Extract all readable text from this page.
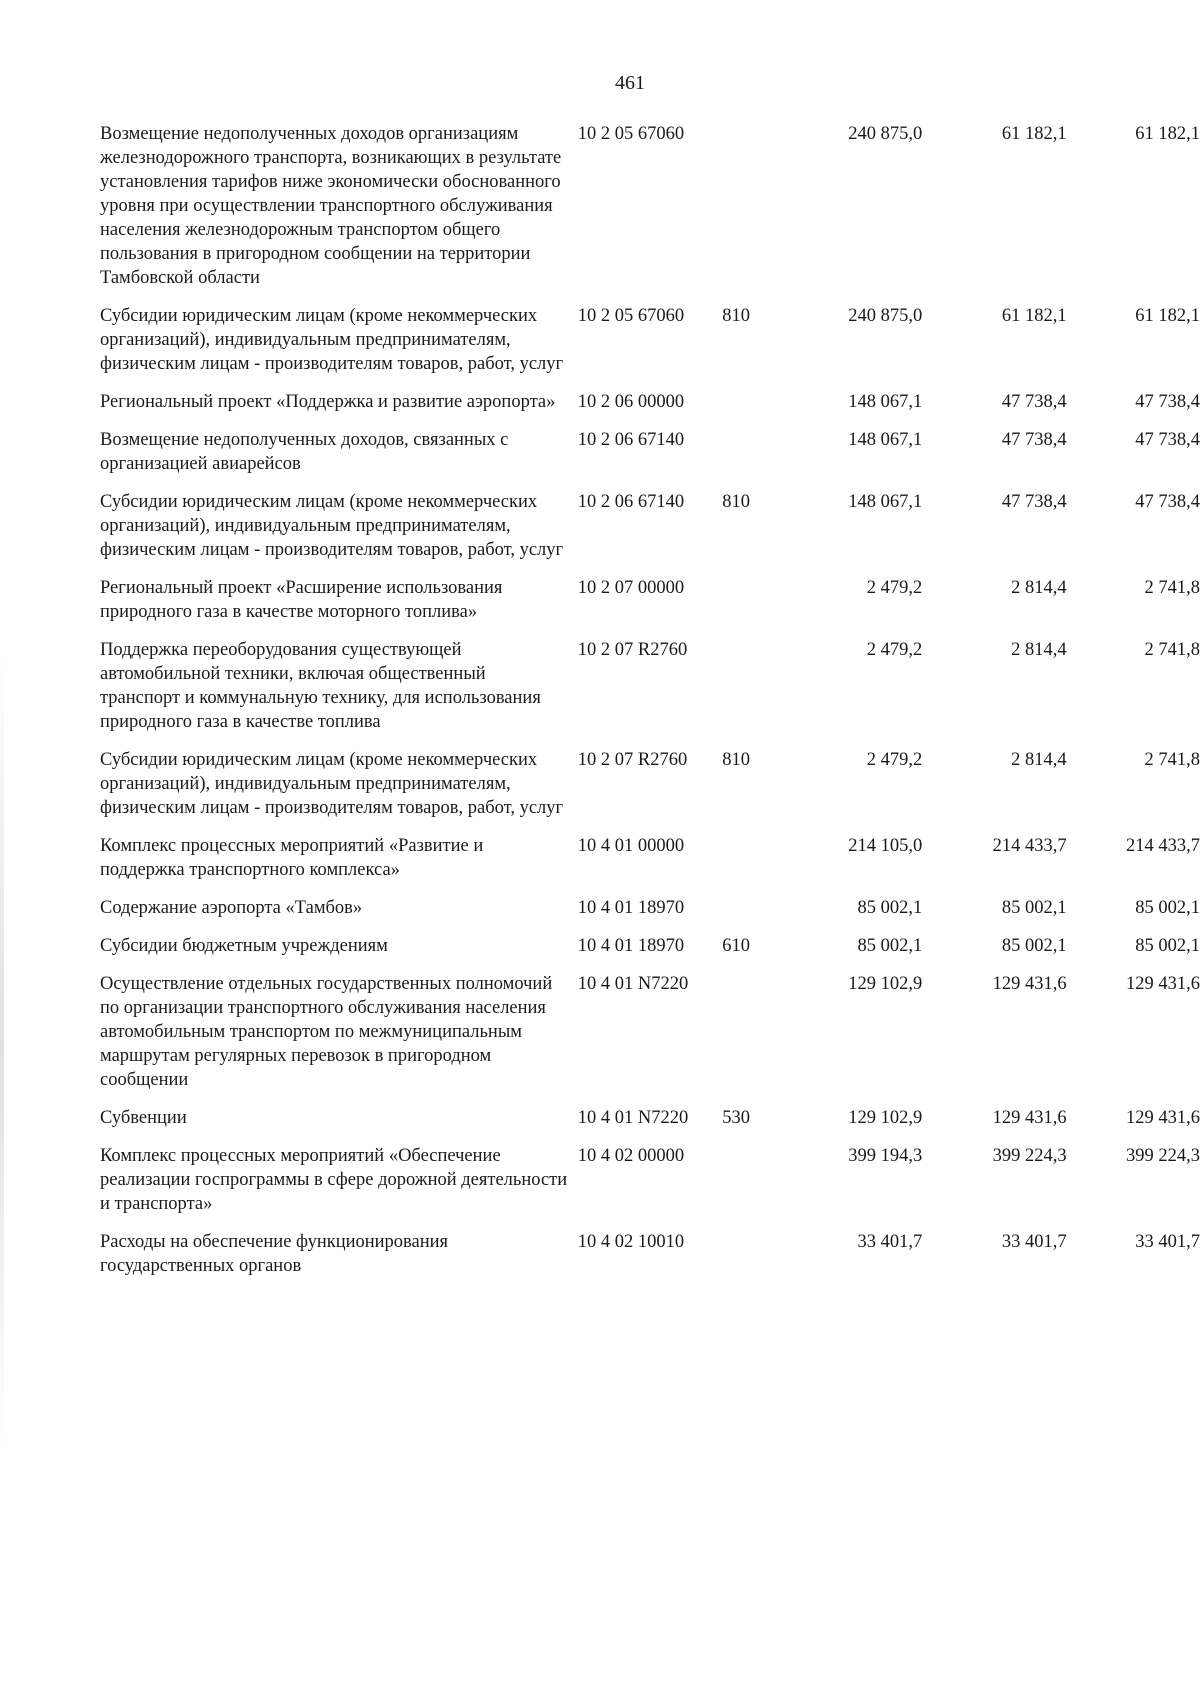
461
Возмещение недополученных доходов организациям железнодорожного транспорта, возникающих в результате установления тарифов ниже экономически обоснованного уровня при осуществлении транспортного обслуживания населения железнодорожным транспортом общего пользования в пригородном сообщении на территории Тамбовской области	10 2 05 67060		240 875,0	61 182,1	61 182,1
Субсидии юридическим лицам (кроме некоммерческих организаций), индивидуальным предпринимателям, физическим лицам - производителям товаров, работ, услуг	10 2 05 67060	810	240 875,0	61 182,1	61 182,1
Региональный проект «Поддержка и развитие аэропорта»	10 2 06 00000		148 067,1	47 738,4	47 738,4
Возмещение недополученных доходов, связанных с организацией авиарейсов	10 2 06 67140		148 067,1	47 738,4	47 738,4
Субсидии юридическим лицам (кроме некоммерческих организаций), индивидуальным предпринимателям, физическим лицам - производителям товаров, работ, услуг	10 2 06 67140	810	148 067,1	47 738,4	47 738,4
Региональный проект «Расширение использования природного газа в качестве моторного топлива»	10 2 07 00000		2 479,2	2 814,4	2 741,8
Поддержка переоборудования существующей автомобильной техники, включая общественный транспорт и коммунальную технику, для использования природного газа в качестве топлива	10 2 07 R2760		2 479,2	2 814,4	2 741,8
Субсидии юридическим лицам (кроме некоммерческих организаций), индивидуальным предпринимателям, физическим лицам - производителям товаров, работ, услуг	10 2 07 R2760	810	2 479,2	2 814,4	2 741,8
Комплекс процессных мероприятий «Развитие и поддержка транспортного комплекса»	10 4 01 00000		214 105,0	214 433,7	214 433,7
Содержание аэропорта «Тамбов»	10 4 01 18970		85 002,1	85 002,1	85 002,1
Субсидии бюджетным учреждениям	10 4 01 18970	610	85 002,1	85 002,1	85 002,1
Осуществление отдельных государственных полномочий по организации транспортного обслуживания населения автомобильным транспортом по межмуниципальным маршрутам регулярных перевозок в пригородном сообщении	10 4 01 N7220		129 102,9	129 431,6	129 431,6
Субвенции	10 4 01 N7220	530	129 102,9	129 431,6	129 431,6
Комплекс процессных мероприятий «Обеспечение реализации госпрограммы в сфере дорожной деятельности и транспорта»	10 4 02 00000		399 194,3	399 224,3	399 224,3
Расходы на обеспечение функционирования государственных органов	10 4 02 10010		33 401,7	33 401,7	33 401,7
